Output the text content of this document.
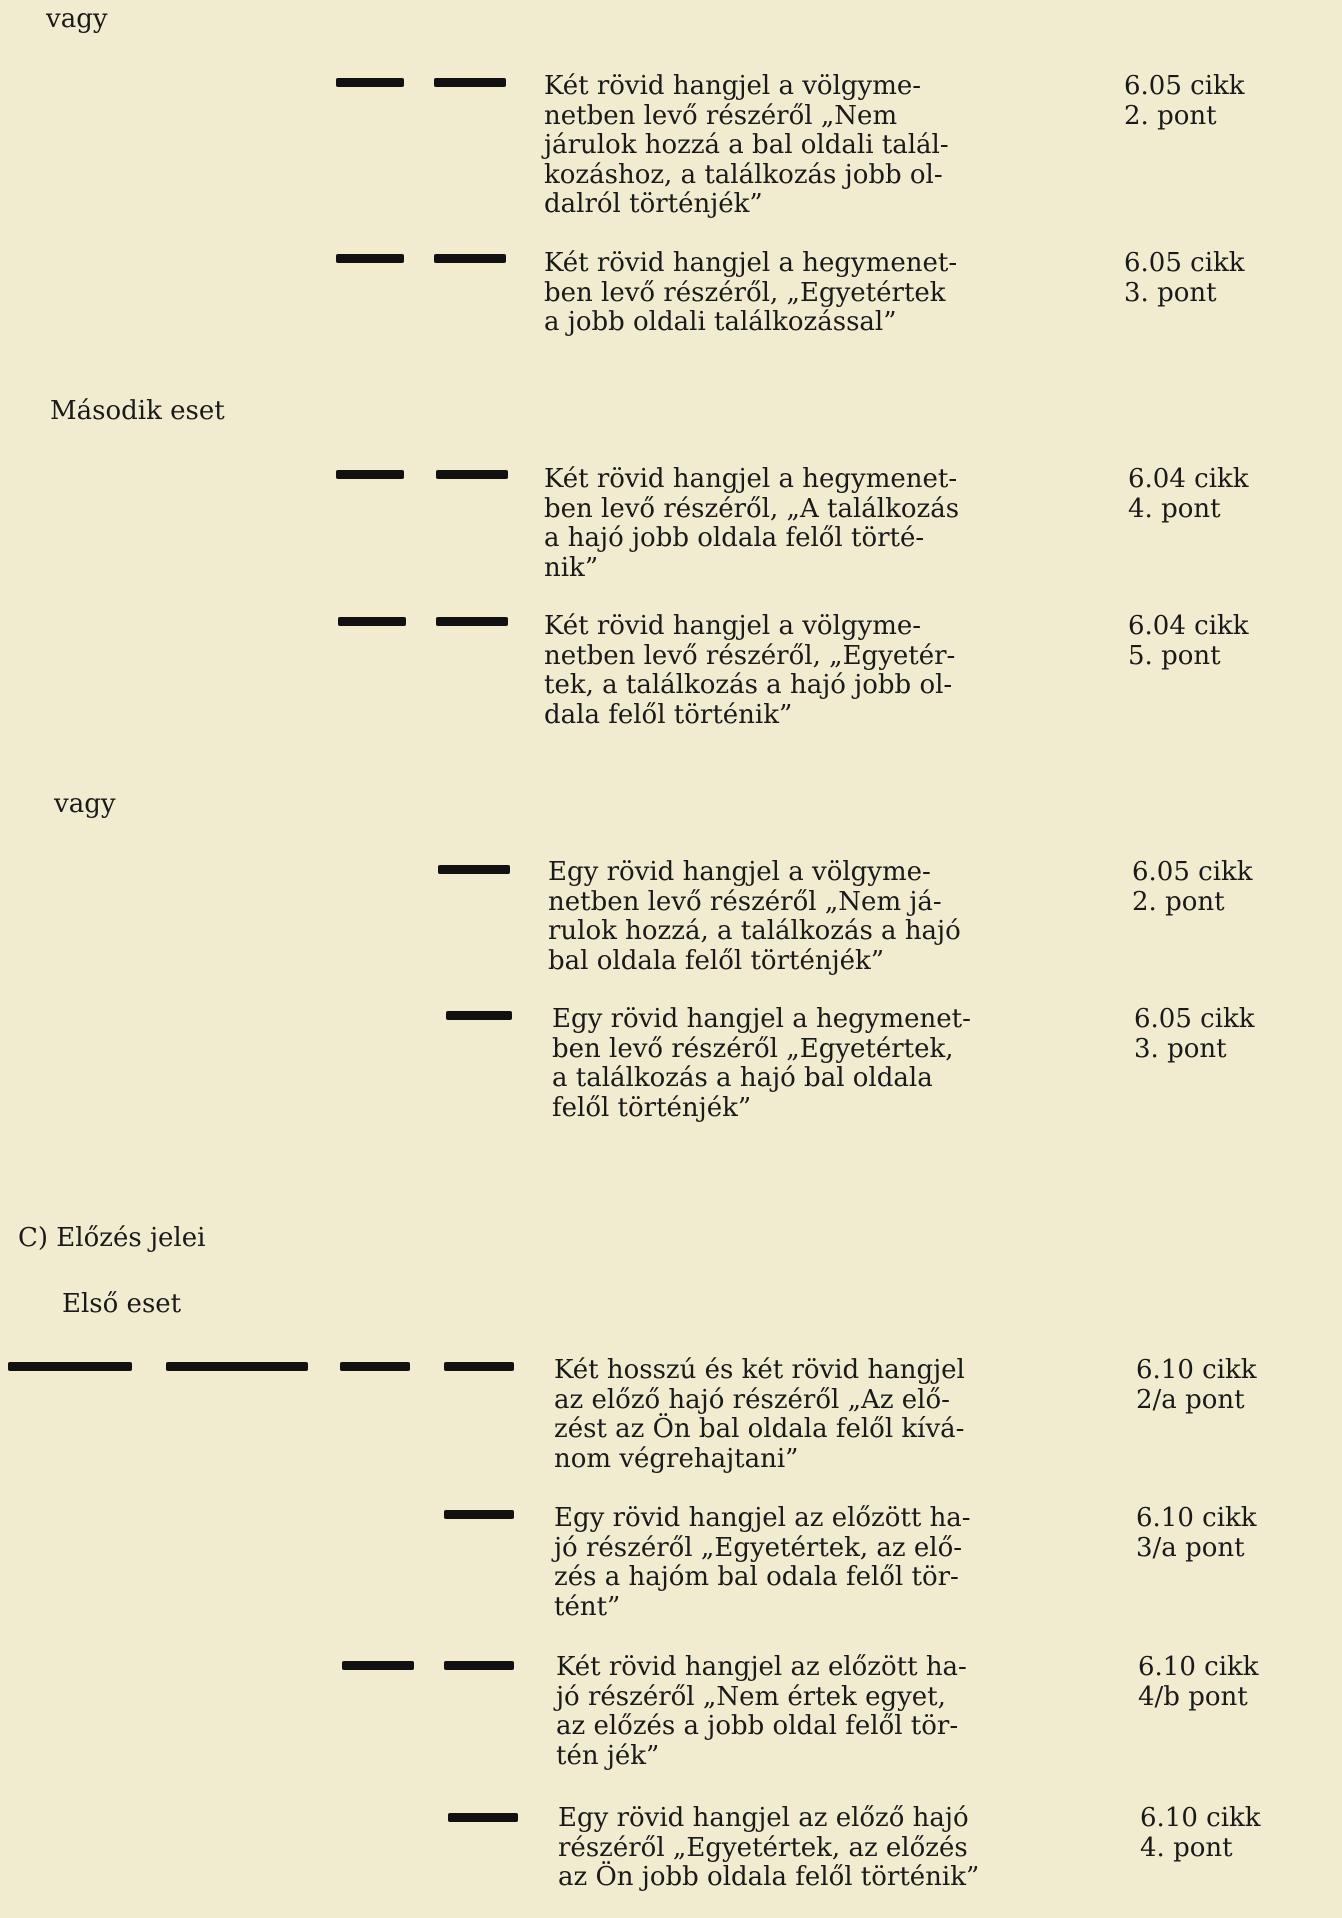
vagy
Második eset
vagy
C) Előzés jelei
Első eset
Két rövid hangjel a völgyme-
netben levő részéről „Nem
járulok hozzá a bal oldali talál-
kozáshoz, a találkozás jobb ol-
dalról történjék”
6.05 cikk
2. pont
Két rövid hangjel a hegymenet-
ben levő részéről, „Egyetértek
a jobb oldali találkozással”
6.05 cikk
3. pont
Két rövid hangjel a hegymenet-
ben levő részéről, „A találkozás
a hajó jobb oldala felől törté-
nik”
6.04 cikk
4. pont
Két rövid hangjel a völgyme-
netben levő részéről, „Egyetér-
tek, a találkozás a hajó jobb ol-
dala felől történik”
6.04 cikk
5. pont
Egy rövid hangjel a völgyme-
netben levő részéről „Nem já-
rulok hozzá, a találkozás a hajó
bal oldala felől történjék”
6.05 cikk
2. pont
Egy rövid hangjel a hegymenet-
ben levő részéről „Egyetértek,
a találkozás a hajó bal oldala
felől történjék”
6.05 cikk
3. pont
Két hosszú és két rövid hangjel
az előző hajó részéről „Az elő-
zést az Ön bal oldala felől kívá-
nom végrehajtani”
6.10 cikk
2/a pont
Egy rövid hangjel az előzött ha-
jó részéről „Egyetértek, az elő-
zés a hajóm bal odala felől tör-
tént”
6.10 cikk
3/a pont
Két rövid hangjel az előzött ha-
jó részéről „Nem értek egyet,
az előzés a jobb oldal felől tör-
tén jék”
6.10 cikk
4/b pont
Egy rövid hangjel az előző hajó
részéről „Egyetértek, az előzés
az Ön jobb oldala felől történik”
6.10 cikk
4. pont
